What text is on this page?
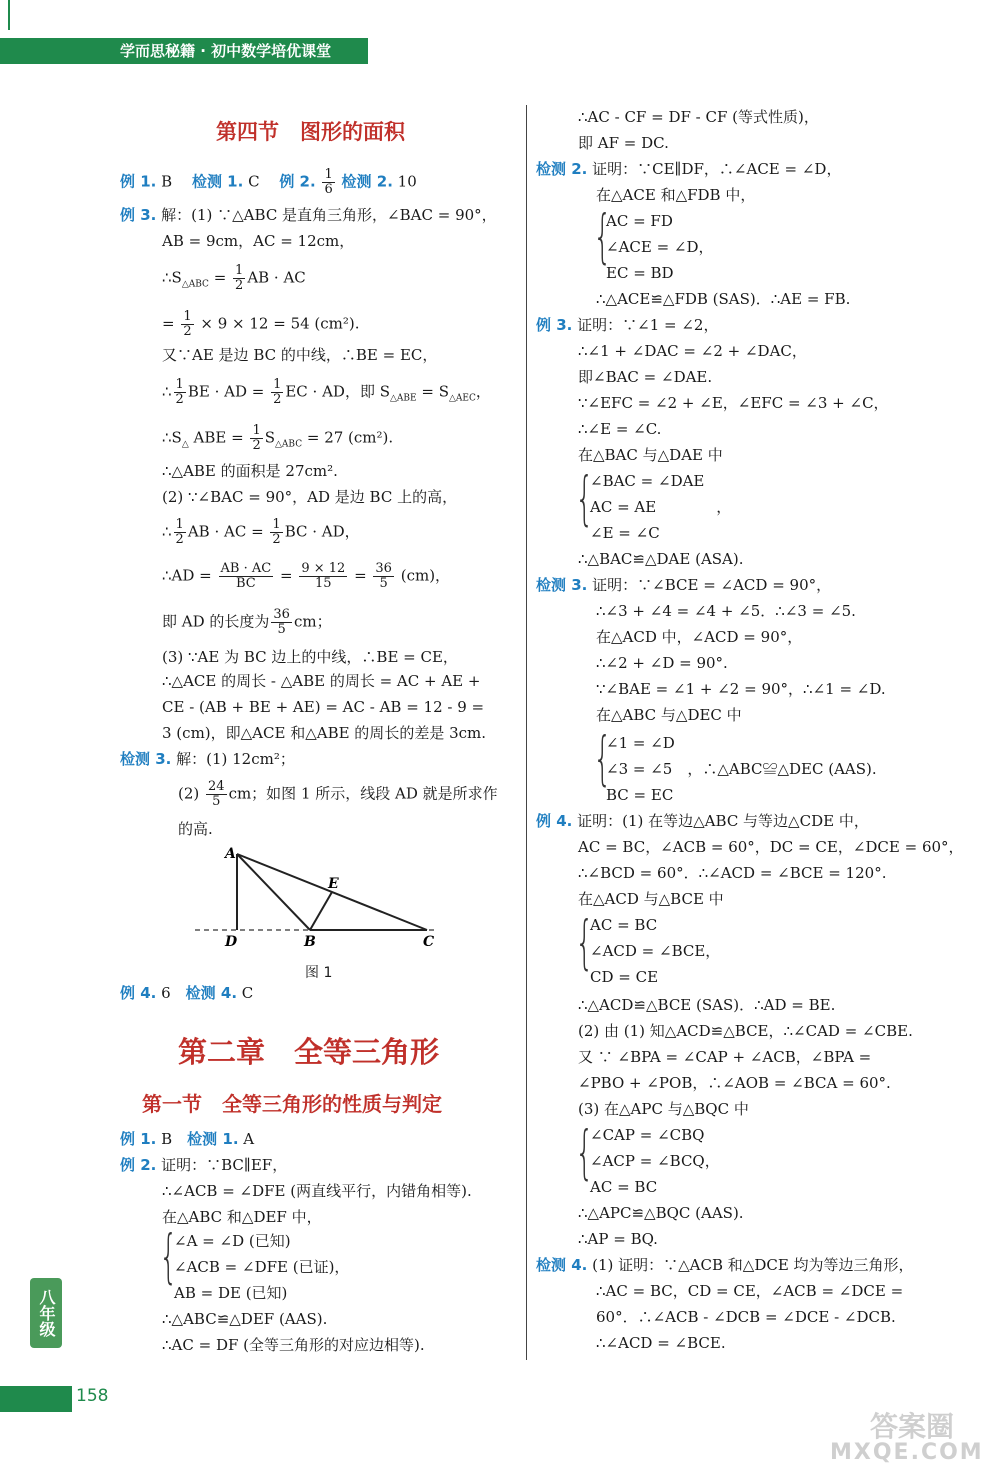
学而思秘籍 · 初中数学培优课堂
第四节　图形的面积
例 1. B　 检测 1. C　 例 2. $\frac{1}{6}$ 检测 2. 10
例 3. 解：(1) ∵△ABC 是直角三角形，∠BAC = 90°，
AB = 9cm，AC = 12cm，
$\therefore S_{\triangle ABC} = \frac{1}{2}$ AB · AC
= $\frac{1}{2} \times 9 \times 12 = 54$ (cm²).
又∵AE 是边 BC 的中线，∴BE = EC，
∴ $\frac{1}{2}$ BE · AD = $\frac{1}{2}$ EC · AD，即 $S_{\triangle ABE} = S_{\triangle AEC}$，
$\therefore S_\triangle$ ABE = $\frac{1}{2} S_{\triangle ABC} = 27$ (cm²).
∴△ABE 的面积是 27cm².
(2) ∵∠BAC = 90°，AD 是边 BC 上的高，
∴ $\frac{1}{2}$ AB · AC = $\frac{1}{2}$ BC · AD，
∴AD = $\frac{AB \cdot AC}{BC} = \frac{9 \times 12}{15} = \frac{36}{5} (cm)$，
即 AD 的长度为 $\frac{36}{5}$ cm；
(3) ∵AE 为 BC 边上的中线，∴BE = CE，
∴△ACE 的周长 - △ABE 的周长 = AC + AE +
CE - (AB + BE + AE) = AC - AB = 12 - 9 =
3 (cm)，即△ACE 和△ABE 的周长的差是 3cm.
检测 3. 解：(1) 12cm²；
$(2) \frac{24}{5}$ cm；如图 1 所示，线段 AD 就是所求作
的高.
A
D	B	C
E
图 1
例 4. 6　检测 4. C
第二章　全等三角形
第一节　全等三角形的性质与判定
例 1. B　检测 1. A
例 2. 证明：∵BC∥EF，
∴∠ACB = ∠DFE (两直线平行，内错角相等).
在△ABC 和△DEF 中，
{
∠A = ∠D (已知)
∠ACB = ∠DFE (已证)，
AB = DE (已知)
∴△ABC≌△DEF (AAS).
∴AC = DF (全等三角形的对应边相等).
∴AC - CF = DF - CF (等式性质)，
即 AF = DC.
检测 2. 证明：∵CE∥DF，∴∠ACE = ∠D，
在△ACE 和△FDB 中，
{
AC = FD
∠ACE = ∠D，
EC = BD
∴△ACE≌△FDB (SAS)．∴AE = FB.
例 3. 证明：∵∠1 = ∠2，
∴∠1 + ∠DAC = ∠2 + ∠DAC，
即∠BAC = ∠DAE.
∵∠EFC = ∠2 + ∠E，∠EFC = ∠3 + ∠C，
∴∠E = ∠C.
在△BAC 与△DAE 中
{
∠BAC = ∠DAE
AC = AE　　　　，
∠E = ∠C
∴△BAC≌△DAE (ASA).
检测 3. 证明：∵∠BCE = ∠ACD = 90°，
∴∠3 + ∠4 = ∠4 + ∠5．∴∠3 = ∠5.
在△ACD 中，∠ACD = 90°，
∴∠2 + ∠D = 90°.
∵∠BAE = ∠1 + ∠2 = 90°，∴∠1 = ∠D.
在△ABC 与△DEC 中
{
∠1 = ∠D
∠3 = ∠5　，∴△ABC≌△DEC (AAS).
BC = EC
例 4. 证明：(1) 在等边△ABC 与等边△CDE 中，
AC = BC，∠ACB = 60°，DC = CE，∠DCE = 60°，
∴∠BCD = 60°．∴∠ACD = ∠BCE = 120°.
在△ACD 与△BCE 中
{
AC = BC
∠ACD = ∠BCE，
CD = CE
∴△ACD≌△BCE (SAS)．∴AD = BE.
(2) 由 (1) 知△ACD≌△BCE，∴∠CAD = ∠CBE.
又 ∵ ∠BPA = ∠CAP + ∠ACB，∠BPA =
∠PBO + ∠POB，∴∠AOB = ∠BCA = 60°.
(3) 在△APC 与△BQC 中
{
∠CAP = ∠CBQ
∠ACP = ∠BCQ，
AC = BC
∴△APC≌△BQC (AAS).
∴AP = BQ.
检测 4. (1) 证明：∵△ACB 和△DCE 均为等边三角形，
∴AC = BC，CD = CE，∠ACB = ∠DCE =
60°．∴∠ACB - ∠DCB = ∠DCE - ∠DCB.
∴∠ACD = ∠BCE.
八年级
158
答案圈
MXQE.COM
